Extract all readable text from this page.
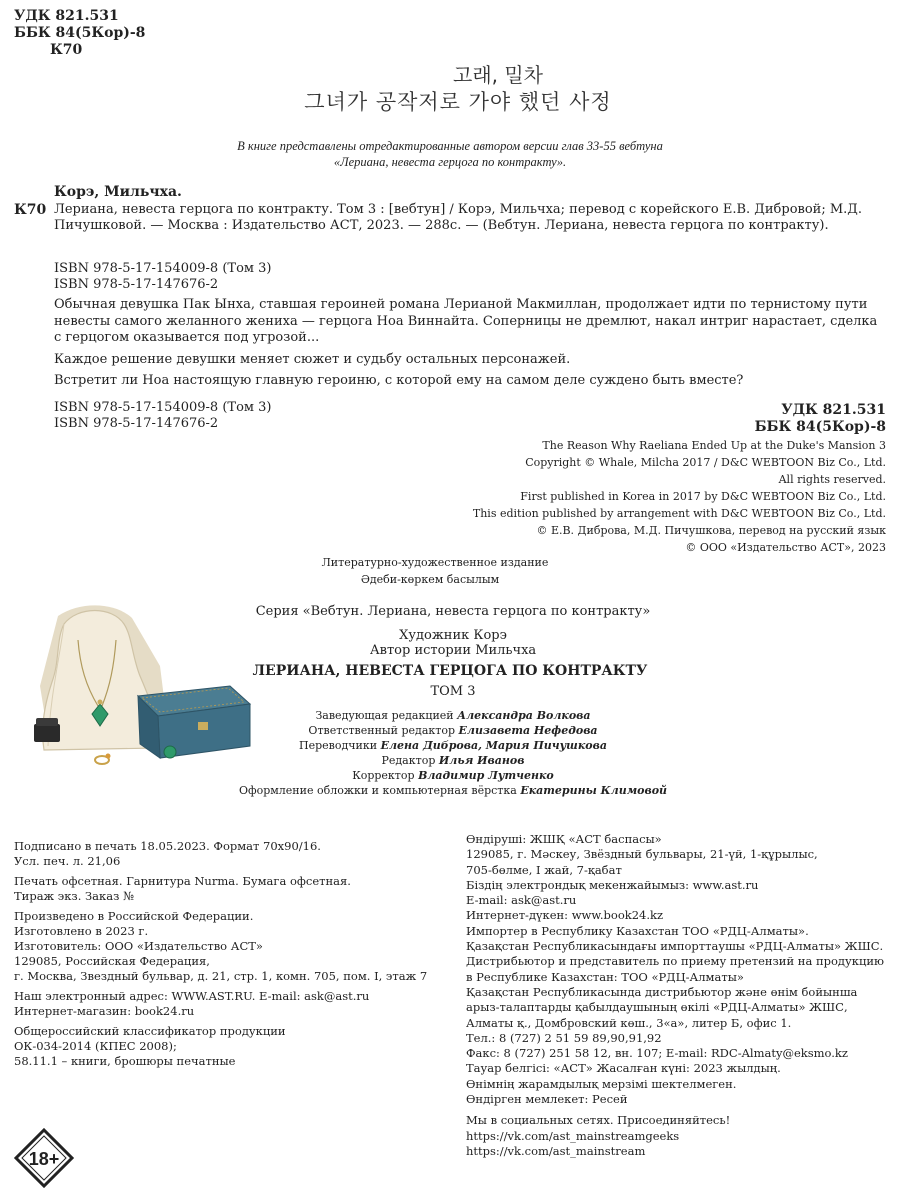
УДК 821.531
ББК 84(5Кор)-8
К70
고래, 밀차
그녀가 공작저로 가야 했던 사정
В книге представлены отредактированные автором версии глав 33-55 вебтуна
«Лериана, невеста герцога по контракту».
Корэ, Мильчха.
К70 Лериана, невеста герцога по контракту. Том 3 : [вебтун] / Корэ, Мильчха; перевод с корейского Е.В. Дибровой; М.Д. Пичушковой. — Москва : Издательство АСТ, 2023. — 288с. — (Вебтун. Лериана, невеста герцога по контракту).
ISBN 978-5-17-154009-8 (Том 3)
ISBN 978-5-17-147676-2

Обычная девушка Пак Ынха, ставшая героиней романа Лерианой Макмиллан, продолжает идти по тернистому пути невесты самого желанного жениха — герцога Ноа Виннайта. Соперницы не дремлют, накал интриг нарастает, сделка с герцогом оказывается под угрозой...

Каждое решение девушки меняет сюжет и судьбу остальных персонажей.

Встретит ли Ноа настоящую главную героиню, с которой ему на самом деле суждено быть вместе?

ISBN 978-5-17-154009-8 (Том 3)
ISBN 978-5-17-147676-2
УДК 821.531
ББК 84(5Кор)-8
The Reason Why Raeliana Ended Up at the Duke's Mansion 3
Copyright © Whale, Milcha 2017 / D&C WEBTOON Biz Co., Ltd.
All rights reserved.
First published in Korea in 2017 by D&C WEBTOON Biz Co., Ltd.
This edition published by arrangement with D&C WEBTOON Biz Co., Ltd.
© Е.В. Диброва, М.Д. Пичушкова, перевод на русский язык
© ООО «Издательство АСТ», 2023
Литературно-художественное издание
Әдеби-көркем басылым
Серия «Вебтун. Лериана, невеста герцога по контракту»
Художник Корэ
Автор истории Мильчха
ЛЕРИАНА, НЕВЕСТА ГЕРЦОГА ПО КОНТРАКТУ
ТОМ 3
Заведующая редакцией Александра Волкова
Ответственный редактор Елизавета Нефедова
Переводчики Елена Диброва, Мария Пичушкова
Редактор Илья Иванов
Корректор Владимир Лутченко
Оформление обложки и компьютерная вёрстка Екатерины Климовой
Подписано в печать 18.05.2023. Формат 70x90/16.
Усл. печ. л. 21,06
Печать офсетная. Гарнитура Nurma. Бумага офсетная.
Тираж экз. Заказ №
Произведено в Российской Федерации.
Изготовлено в 2023 г.
Изготовитель: ООО «Издательство АСТ»
129085, Российская Федерация,
г. Москва, Звездный бульвар, д. 21, стр. 1, комн. 705, пом. I, этаж 7
Наш электронный адрес: WWW.AST.RU. E-mail: ask@ast.ru
Интернет-магазин: book24.ru
Общероссийский классификатор продукции
ОК-034-2014 (КПЕС 2008);
58.11.1 – книги, брошюры печатные
Өндіруші: ЖШҚ «АСТ баспасы»
129085, г. Мәскеу, Звёздный бульвары, 21-үй, 1-құрылыс,
705-бөлме, I жай, 7-қабат
Біздің электрондық мекенжайымыз: www.ast.ru
E-mail: ask@ast.ru
Интернет-дүкен: www.book24.kz
Импортер в Республику Казахстан ТОО «РДЦ-Алматы».
Қазақстан Республикасындағы импорттаушы «РДЦ-Алматы» ЖШС.
Дистрибьютор и представитель по приему претензий на продукцию
в Республике Казахстан: ТОО «РДЦ-Алматы»
Қазақстан Республикасында дистрибьютор және өнім бойынша
арыз-талаптарды қабылдаушының өкілі «РДЦ-Алматы» ЖШС,
Алматы қ., Домбровский көш., 3«а», литер Б, офис 1.
Тел.: 8 (727) 2 51 59 89,90,91,92
Факс: 8 (727) 251 58 12, вн. 107; E-mail: RDC-Almaty@eksmo.kz
Тауар белгісі: «АСТ» Жасалған күні: 2023 жылдың.
Өнімнің жарамдылық мерзімі шектелмеген.
Өндірген мемлекет: Ресей
Мы в социальных сетях. Присоединяйтесь!
https://vk.com/ast_mainstreamgeeks
https://vk.com/ast_mainstream
18+
